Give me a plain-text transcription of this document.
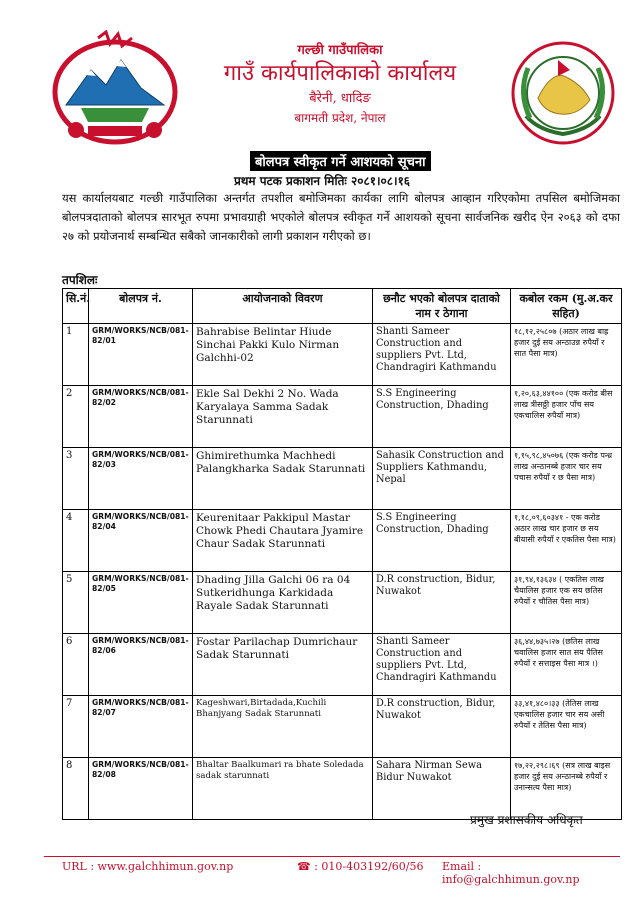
गल्छी गाउँपालिका
गाउँ कार्यपालिकाको कार्यालय
बैरेनी, धादिङ
बागमती प्रदेश, नेपाल
बोलपत्र स्वीकृत गर्ने आशयको सूचना
प्रथम पटक प्रकाशन मितिः २०८१।०८।१६
यस कार्यालयबाट गल्छी गाउँपालिका अन्तर्गत तपशील बमोजिमका कार्यका लागि बोलपत्र आव्हान गरिएकोमा तपसिल बमोजिमका बोलपत्रदाताको बोलपत्र सारभूत रुपमा प्रभावग्राही भएकोले बोलपत्र स्वीकृत गर्ने आशयको सूचना सार्वजनिक खरीद ऐन २०६३ को दफा २७ को प्रयोजनार्थ सम्बन्धित सबैको जानकारीको लागी प्रकाशन गरीएको छ।
तपशिलः
सि.नं.	बोलपत्र नं.	आयोजनाको विवरण	छनौट भएको बोलपत्र दाताको नाम र ठेगाना	कबोल रकम (मु.अ.कर सहित)
1	GRM/WORKS/NCB/081-82/01	Bahrabise Belintar Hiude Sinchai Pakki Kulo Nirman Galchhi-02	Shanti Sameer Construction and suppliers Pvt. Ltd, Chandragiri Kathmandu	१८,१२,२५८०७ (अठार लाख बाह्र हजार दुई सय अन्ठाउन्न रुपैयाँ र सात पैसा मात्र)
2	GRM/WORKS/NCB/081-82/02	Ekle Sal Dekhi 2 No. Wada Karyalaya Samma Sadak Starunnati	S.S Engineering Construction, Dhading	१,२०,६३,४४१०० (एक करोड बीस लाख त्रीसठ्ठी हजार पाँच सय एकचालिस रुपैयाँ मात्र)
3	GRM/WORKS/NCB/081-82/03	Ghimirethumka Machhedi Palangkharka Sadak Starunnati	Sahasik Construction and Suppliers Kathmandu, Nepal	१,१५,९८,४५०७६ (एक करोड पन्ध्र लाख अन्ठानब्बे हजार चार सय पचास रुपैयाँ र छ पैसा मात्र)
4	GRM/WORKS/NCB/081-82/04	Keurenitaar Pakkipul Mastar Chowk Phedi Chautara Jyamire Chaur Sadak Starunnati	S.S Engineering Construction, Dhading	१,१८,०९,६०३४१ - एक करोड अठार लाख चार हजार छ सय बीयासी रुपैयाँ र एकतिस पैसा मात्र)
5	GRM/WORKS/NCB/081-82/05	Dhading Jilla Galchi 06 ra 04 Sutkeridhunga Karkidada Rayale Sadak Starunnati	D.R construction, Bidur, Nuwakot	३१,९४,१३६३४ ( एकतिस लाख चैयालिस हजार एक सय छतिस रुपैयाँ र चौतिस पैसा मात्र)
6	GRM/WORKS/NCB/081-82/06	Fostar Parilachap Dumrichaur Sadak Starunnati	Shanti Sameer Construction and suppliers Pvt. Ltd, Chandragiri Kathmandu	३६,४४,७३५।२७ (छतिस लाख चवालिस हजार सात सय पैतिस रुपैयाँ र सत्ताइस पैसा मात्र ।)
7	GRM/WORKS/NCB/081-82/07	Kageshwari,Birtadada,Kuchili Bhanjyang Sadak Starunnati	D.R construction, Bidur, Nuwakot	३३,४१,४८०।३३ (तेतिस लाख एकचालिस हजार चार सय असी रुपैयाँ र तेतिस पैसा मात्र)
8	GRM/WORKS/NCB/081-82/08	Bhaltar Baalkumari ra bhate Soledada sadak starunnati	Sahara Nirman Sewa Bidur Nuwakot	१७,२२,२९८।६९ (सत्र लाख बाइस हजार दुई सय अन्ठानब्बे रुपैयाँ र उनान्सत्य पैसा मात्र)
प्रमुख प्रशासकीय अधिकृत
URL : www.galchhimun.gov.np	☎ : 010-403192/60/56 Email : info@galchhimun.gov.np
